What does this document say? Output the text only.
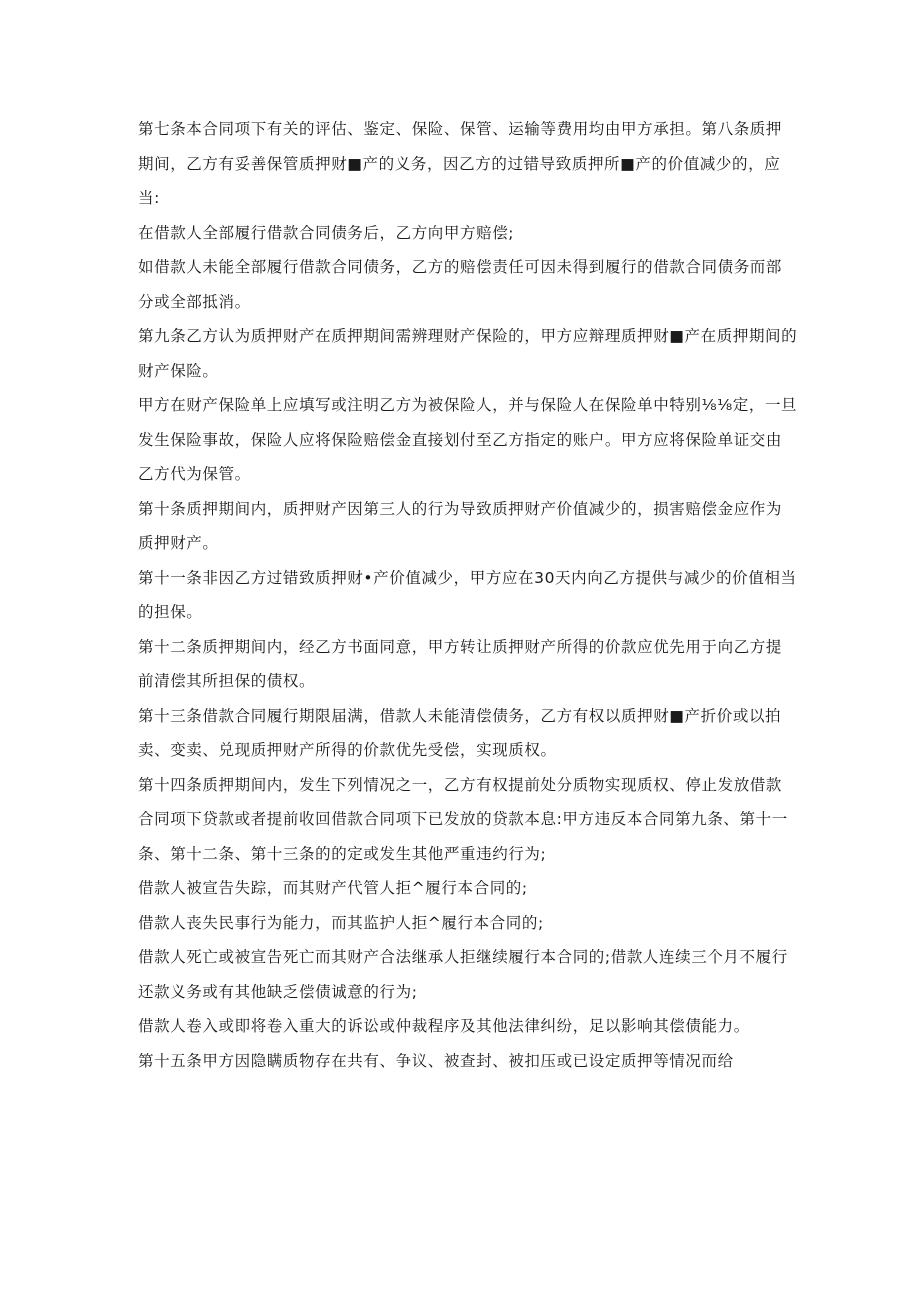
第七条本合同项下有关的评估、鉴定、保险、保管、运输等费用均由甲方承担。第八条质押期间，乙方有妥善保管质押财■产的义务，因乙方的过错导致质押所■产的价值减少的，应当:

在借款人全部履行借款合同债务后，乙方向甲方赔偿;

如借款人未能全部履行借款合同债务，乙方的赔偿责任可因未得到履行的借款合同债务而部分或全部抵消。

第九条乙方认为质押财产在质押期间需辨理财产保险的，甲方应辩理质押财■产在质押期间的财产保险。

甲方在财产保险单上应填写或注明乙方为被保险人，并与保险人在保险单中特别⅛⅛定，一旦发生保险事故，保险人应将保险赔偿金直接划付至乙方指定的账户。甲方应将保险单证交由乙方代为保管。

第十条质押期间内，质押财产因第三人的行为导致质押财产价值减少的，损害赔偿金应作为质押财产。

第十一条非因乙方过错致质押财•产价值减少，甲方应在30天内向乙方提供与减少的价值相当的担保。

第十二条质押期间内，经乙方书面同意，甲方转让质押财产所得的价款应优先用于向乙方提前清偿其所担保的债权。

第十三条借款合同履行期限届满，借款人未能清偿债务，乙方有权以质押财■产折价或以拍卖、变卖、兑现质押财产所得的价款优先受偿，实现质权。

第十四条质押期间内，发生下列情况之一，乙方有权提前处分质物实现质权、停止发放借款合同项下贷款或者提前收回借款合同项下已发放的贷款本息:甲方违反本合同第九条、第十一条、第十二条、第十三条的的定或发生其他严重违约行为;

借款人被宣告失踪，而其财产代管人拒^履行本合同的;

借款人丧失民事行为能力，而其监护人拒^履行本合同的;

借款人死亡或被宣告死亡而其财产合法继承人拒继续履行本合同的;借款人连续三个月不履行还款义务或有其他缺乏偿债诚意的行为;

借款人卷入或即将卷入重大的诉讼或仲裁程序及其他法律纠纷，足以影响其偿债能力。

第十五条甲方因隐瞒质物存在共有、争议、被查封、被扣压或已设定质押等情况而给
